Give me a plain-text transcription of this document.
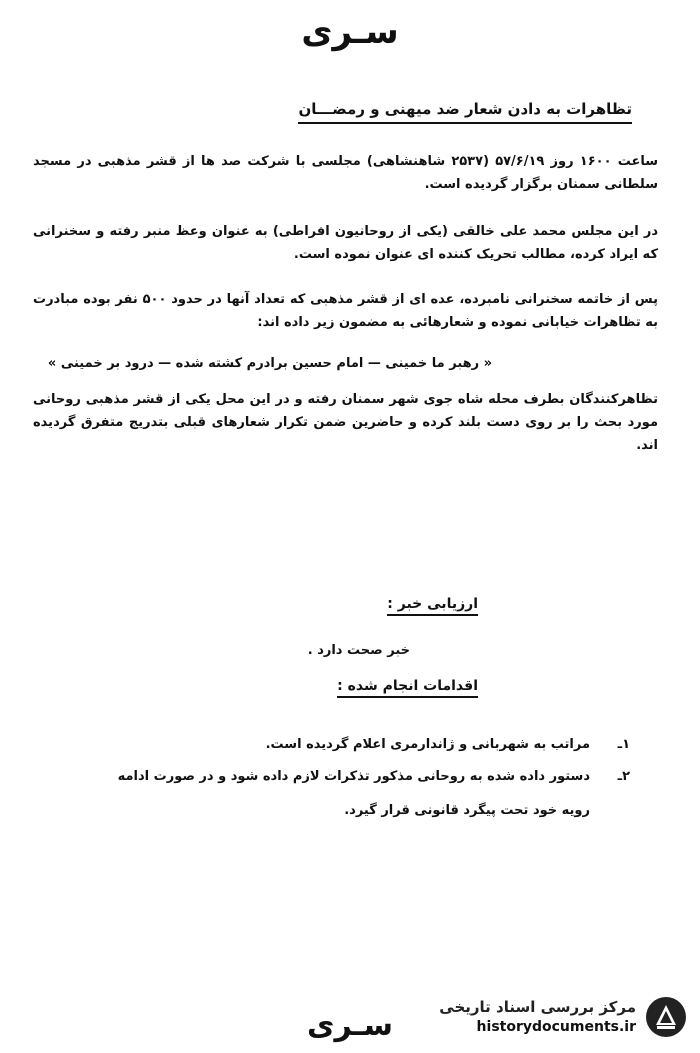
سـری
تظاهرات به دادن شعار ضد میهنی و رمضـــان
ساعت ۱۶۰۰ روز ۵۷/۶/۱۹ (۲۵۳۷ شاهنشاهی) مجلسی با شرکت صد ها از قشر مذهبی در مسجد سلطانی سمنان برگزار گردیده است.
در این مجلس محمد علی خالقی (یکی از روحانیون افراطی) به عنوان وعظ منبر رفته و سخنرانی که ایراد کرده، مطالب تحریک کننده ای عنوان نموده است.
پس از خاتمه سخنرانی نامبرده، عده ای از قشر مذهبی که تعداد آنها در حدود ۵۰۰ نفر بوده مبادرت به تظاهرات خیابانی نموده و شعارهائی به مضمون زیر داده اند:
« رهبر ما خمینی — امام حسین برادرم کشته شده — درود بر خمینی »
تظاهرکنندگان بطرف محله شاه جوی شهر سمنان رفته و در این محل یکی از قشر مذهبی روحانی مورد بحث را بر روی دست بلند کرده و حاضرین ضمن تکرار شعارهای قبلی بتدریج متفرق گردیده اند.
ارزیابی خبر :
خبر صحت دارد .
اقدامات انجام شده :
۱ـ
مراتب به شهربانی و ژاندارمری اعلام گردیده است.
۲ـ
دستور داده شده به روحانی مذکور تذکرات لازم داده شود و در صورت ادامه رویه خود تحت پیگرد قانونی قرار گیرد.
سـری
مرکز بررسی اسناد تاریخی
historydocuments.ir
